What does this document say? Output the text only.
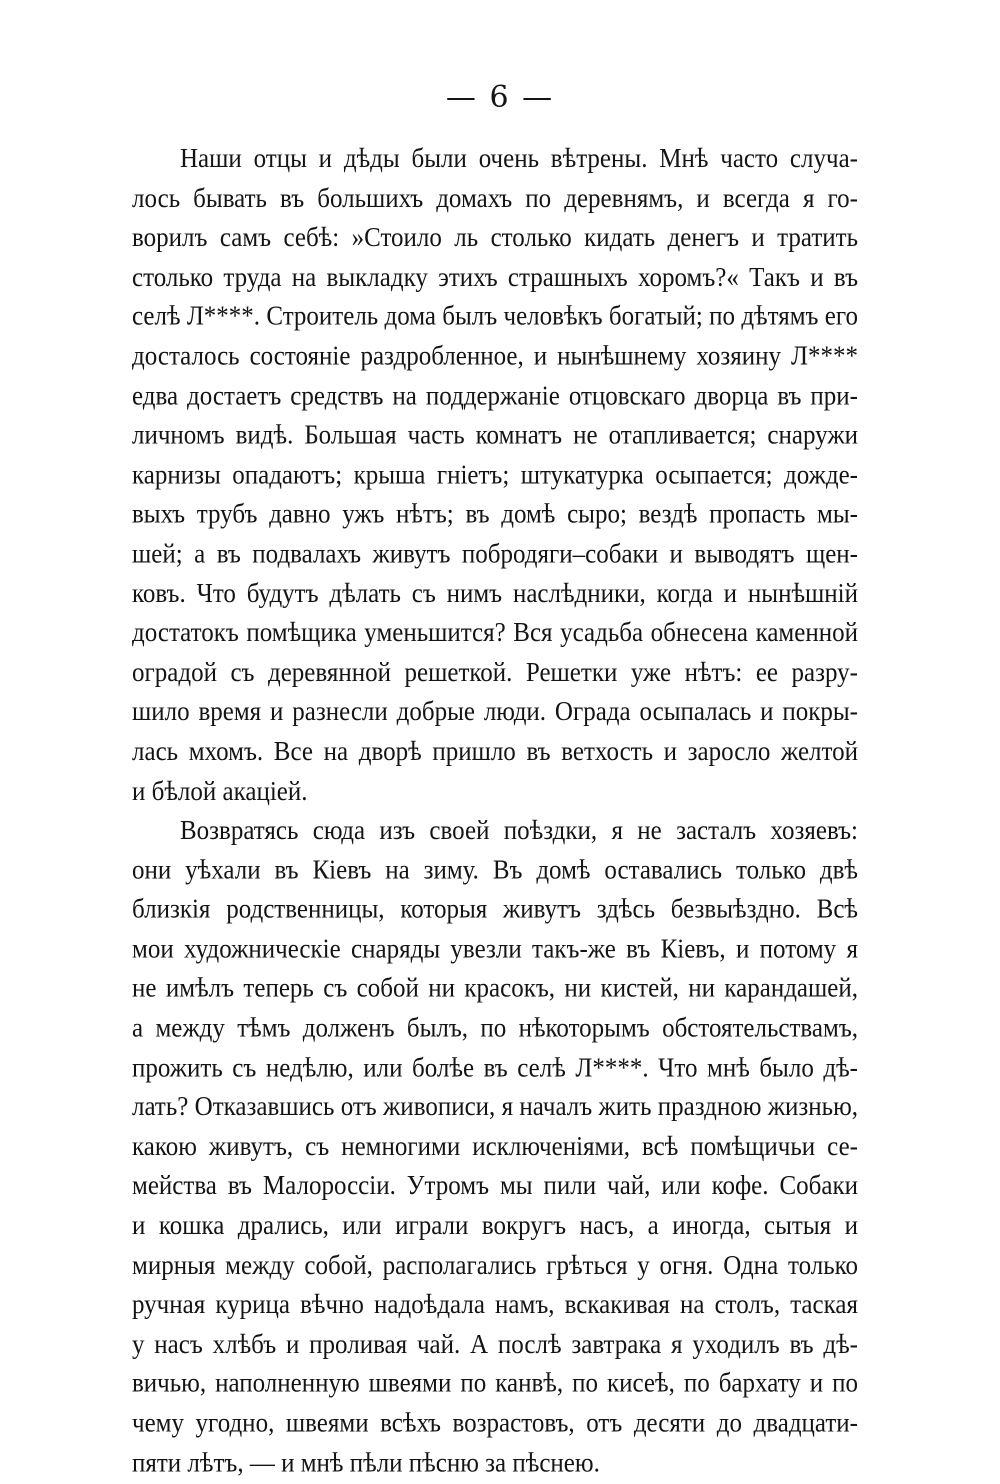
— 6 —
Наши отцы и дѣды были очень вѣтрены. Мнѣ часто случа-
лось бывать въ большихъ домахъ по деревнямъ, и всегда я го-
ворилъ самъ себѣ: »Стоило ль столько кидать денегъ и тратить
столько труда на выкладку этихъ страшныхъ хоромъ?« Такъ и въ
селѣ Л****. Строитель дома былъ человѣкъ богатый; по дѣтямъ его
досталось состояніе раздробленное, и нынѣшнему хозяину Л****
едва достаетъ средствъ на поддержаніе отцовскаго дворца въ при-
личномъ видѣ. Большая часть комнатъ не отапливается; снаружи
карнизы опадаютъ; крыша гніетъ; штукатурка осыпается; дожде-
выхъ трубъ давно ужъ нѣтъ; въ домѣ сыро; вездѣ пропасть мы-
шей; а въ подвалахъ живутъ побродяги–собаки и выводятъ щен-
ковъ. Что будутъ дѣлать съ нимъ наслѣдники, когда и нынѣшній
достатокъ помѣщика уменьшится? Вся усадьба обнесена каменной
оградой съ деревянной решеткой. Решетки уже нѣтъ: ее разру-
шило время и разнесли добрые люди. Ограда осыпалась и покры-
лась мхомъ. Все на дворѣ пришло въ ветхость и заросло желтой
и бѣлой акаціей.
Возвратясь сюда изъ своей поѣздки, я не засталъ хозяевъ:
они уѣхали въ Кіевъ на зиму. Въ домѣ оставались только двѣ
близкія родственницы, которыя живутъ здѣсь безвыѣздно. Всѣ
мои художническіе снаряды увезли такъ-же въ Кіевъ, и потому я
не имѣлъ теперь съ собой ни красокъ, ни кистей, ни карандашей,
а между тѣмъ долженъ былъ, по нѣкоторымъ обстоятельствамъ,
прожить съ недѣлю, или болѣе въ селѣ Л****. Что мнѣ было дѣ-
лать? Отказавшись отъ живописи, я началъ жить праздною жизнью,
какою живутъ, съ немногими исключеніями, всѣ помѣщичьи се-
мейства въ Малороссіи. Утромъ мы пили чай, или кофе. Собаки
и кошка дрались, или играли вокругъ насъ, а иногда, сытыя и
мирныя между собой, располагались грѣться у огня. Одна только
ручная курица вѣчно надоѣдала намъ, вскакивая на столъ, таская
у насъ хлѣбъ и проливая чай. А послѣ завтрака я уходилъ въ дѣ-
вичью, наполненную швеями по канвѣ, по кисеѣ, по бархату и по
чему угодно, швеями всѣхъ возрастовъ, отъ десяти до двадцати-
пяти лѣтъ, — и мнѣ пѣли пѣсню за пѣснею.
